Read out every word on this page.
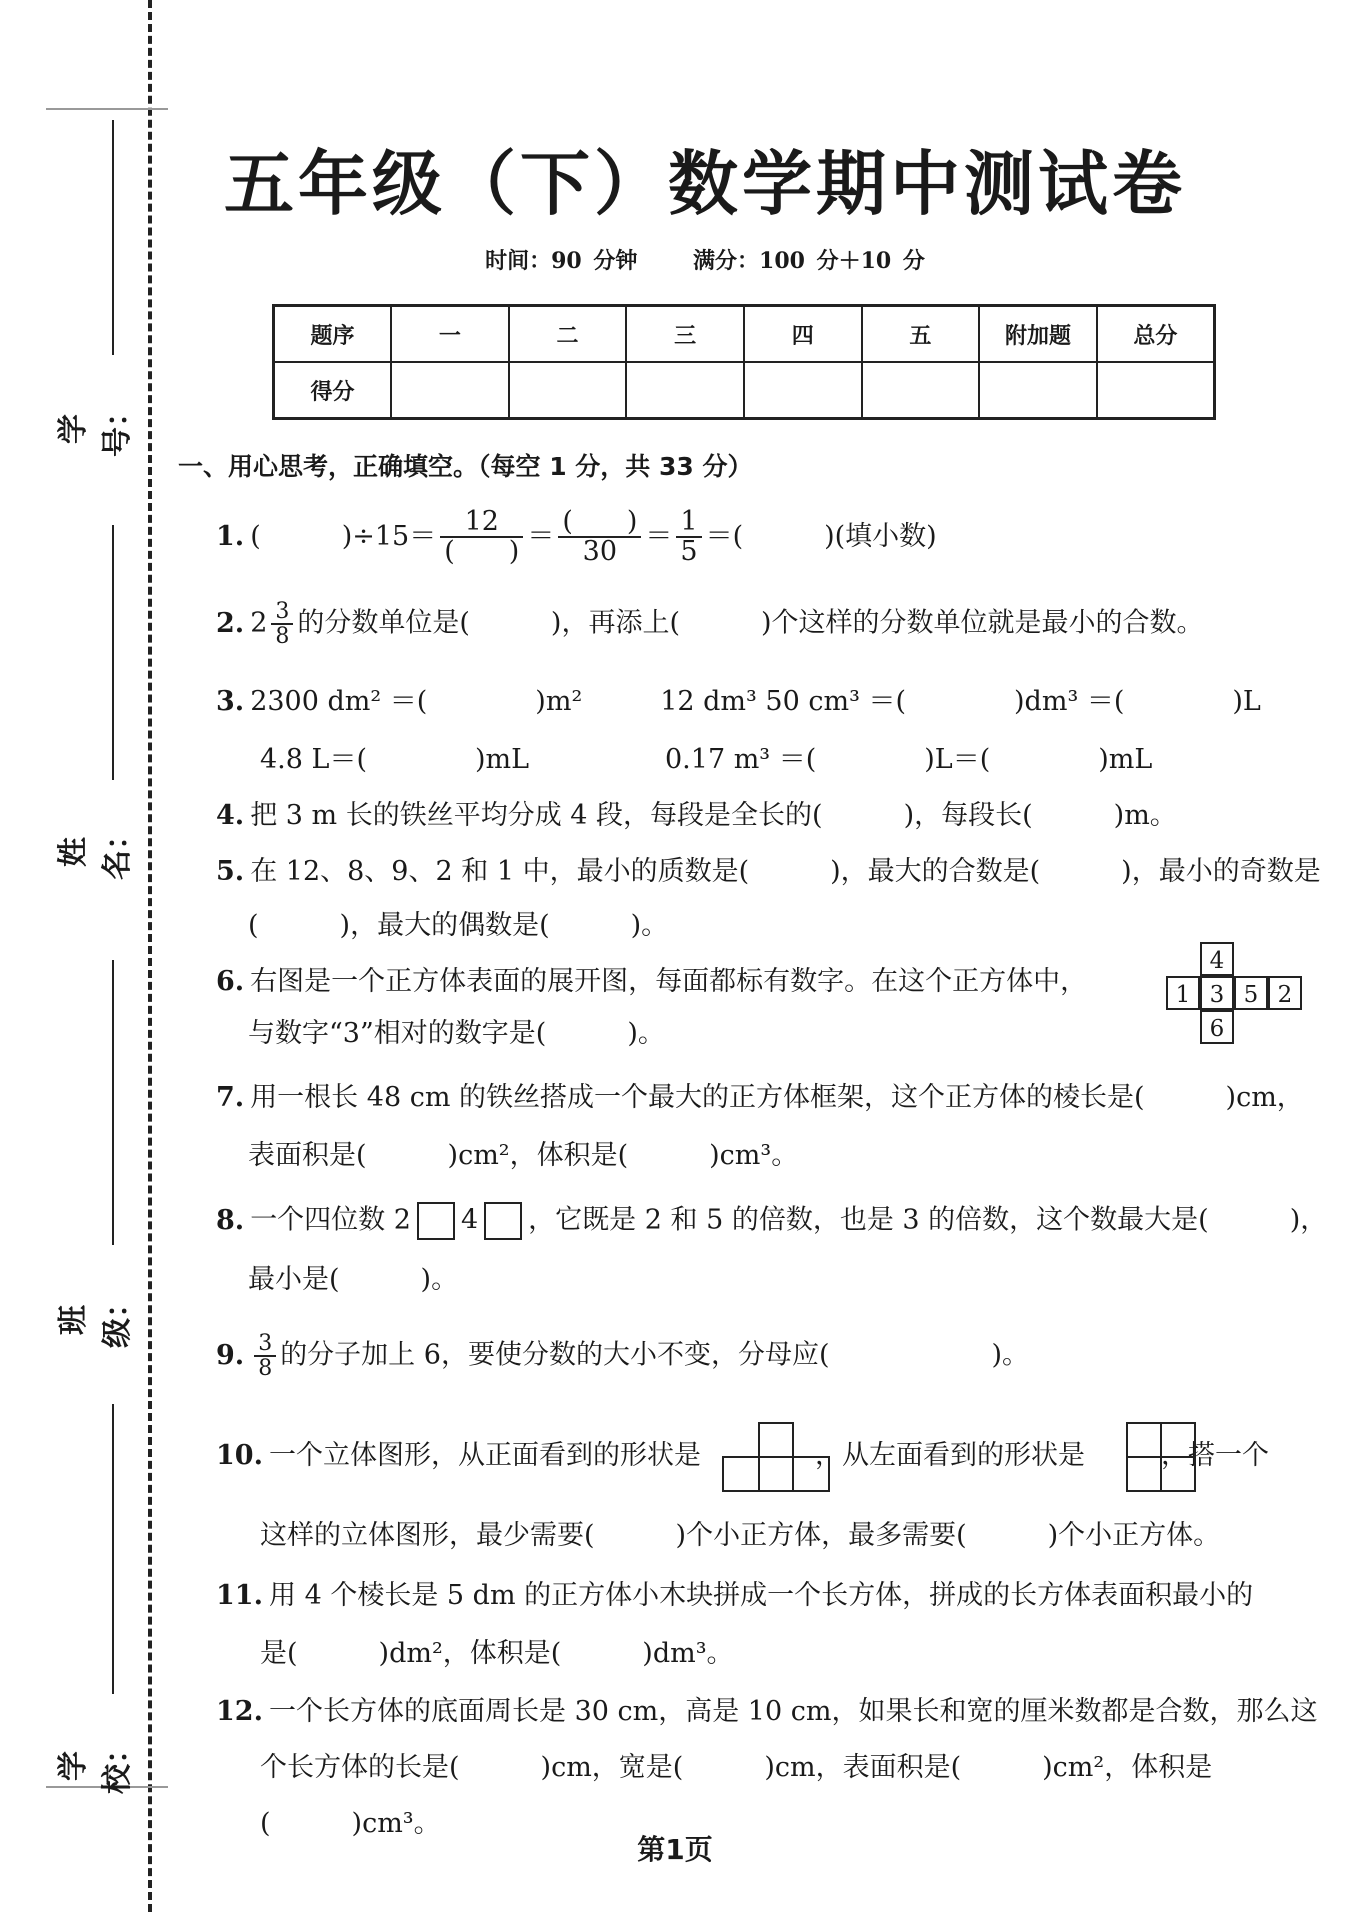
学号：
姓名：
班级：
学校：
五年级（下）数学期中测试卷
时间：90 分钟	满分：100 分＋10 分
题序	一	二	三	四	五	附加题	总分
得分							
一、用心思考，正确填空。（每空 1 分，共 33 分）
1. (　　　)$\div 15= \frac{12}{( )} = \frac{( )}{30} = \frac{1}{5}$ ＝(　　　)(填小数)
2. $2 \frac{3}{8}$ 的分数单位是(　　　)，再添上(　　　)个这样的分数单位就是最小的合数。
3. 2300 dm² ＝(　　　　)m²	12 dm³ 50 cm³ ＝(　　　　)dm³ ＝(　　　　)L
4.8 L＝(　　　　)mL	0.17 m³ ＝(　　　　)L＝(　　　　)mL
4. 把 3 m 长的铁丝平均分成 4 段，每段是全长的(　　　)，每段长(　　　)m。
5. 在 12、8、9、2 和 1 中，最小的质数是(　　　)，最大的合数是(　　　)，最小的奇数是
(　　　)，最大的偶数是(　　　)。
6. 右图是一个正方体表面的展开图，每面都标有数字。在这个正方体中，
与数字“3”相对的数字是(　　　)。
4
1 3 5 2
6
7. 用一根长 48 cm 的铁丝搭成一个最大的正方体框架，这个正方体的棱长是(　　　)cm，
表面积是(　　　)cm²，体积是(　　　)cm³。
8. 一个四位数 2 4 ，它既是 2 和 5 的倍数，也是 3 的倍数，这个数最大是(　　　)，
最小是(　　　)。
9. $\frac{3}{8}$ 的分子加上 6，要使分数的大小不变，分母应(　　　　　　)。
10. 一个立体图形，从正面看到的形状是	，从左面看到的形状是	，搭一个
这样的立体图形，最少需要(　　　)个小正方体，最多需要(　　　)个小正方体。
11. 用 4 个棱长是 5 dm 的正方体小木块拼成一个长方体，拼成的长方体表面积最小的
是(　　　)dm²，体积是(　　　)dm³。
12. 一个长方体的底面周长是 30 cm，高是 10 cm，如果长和宽的厘米数都是合数，那么这
个长方体的长是(　　　)cm，宽是(　　　)cm，表面积是(　　　)cm²，体积是
(　　　)cm³。
第1页
